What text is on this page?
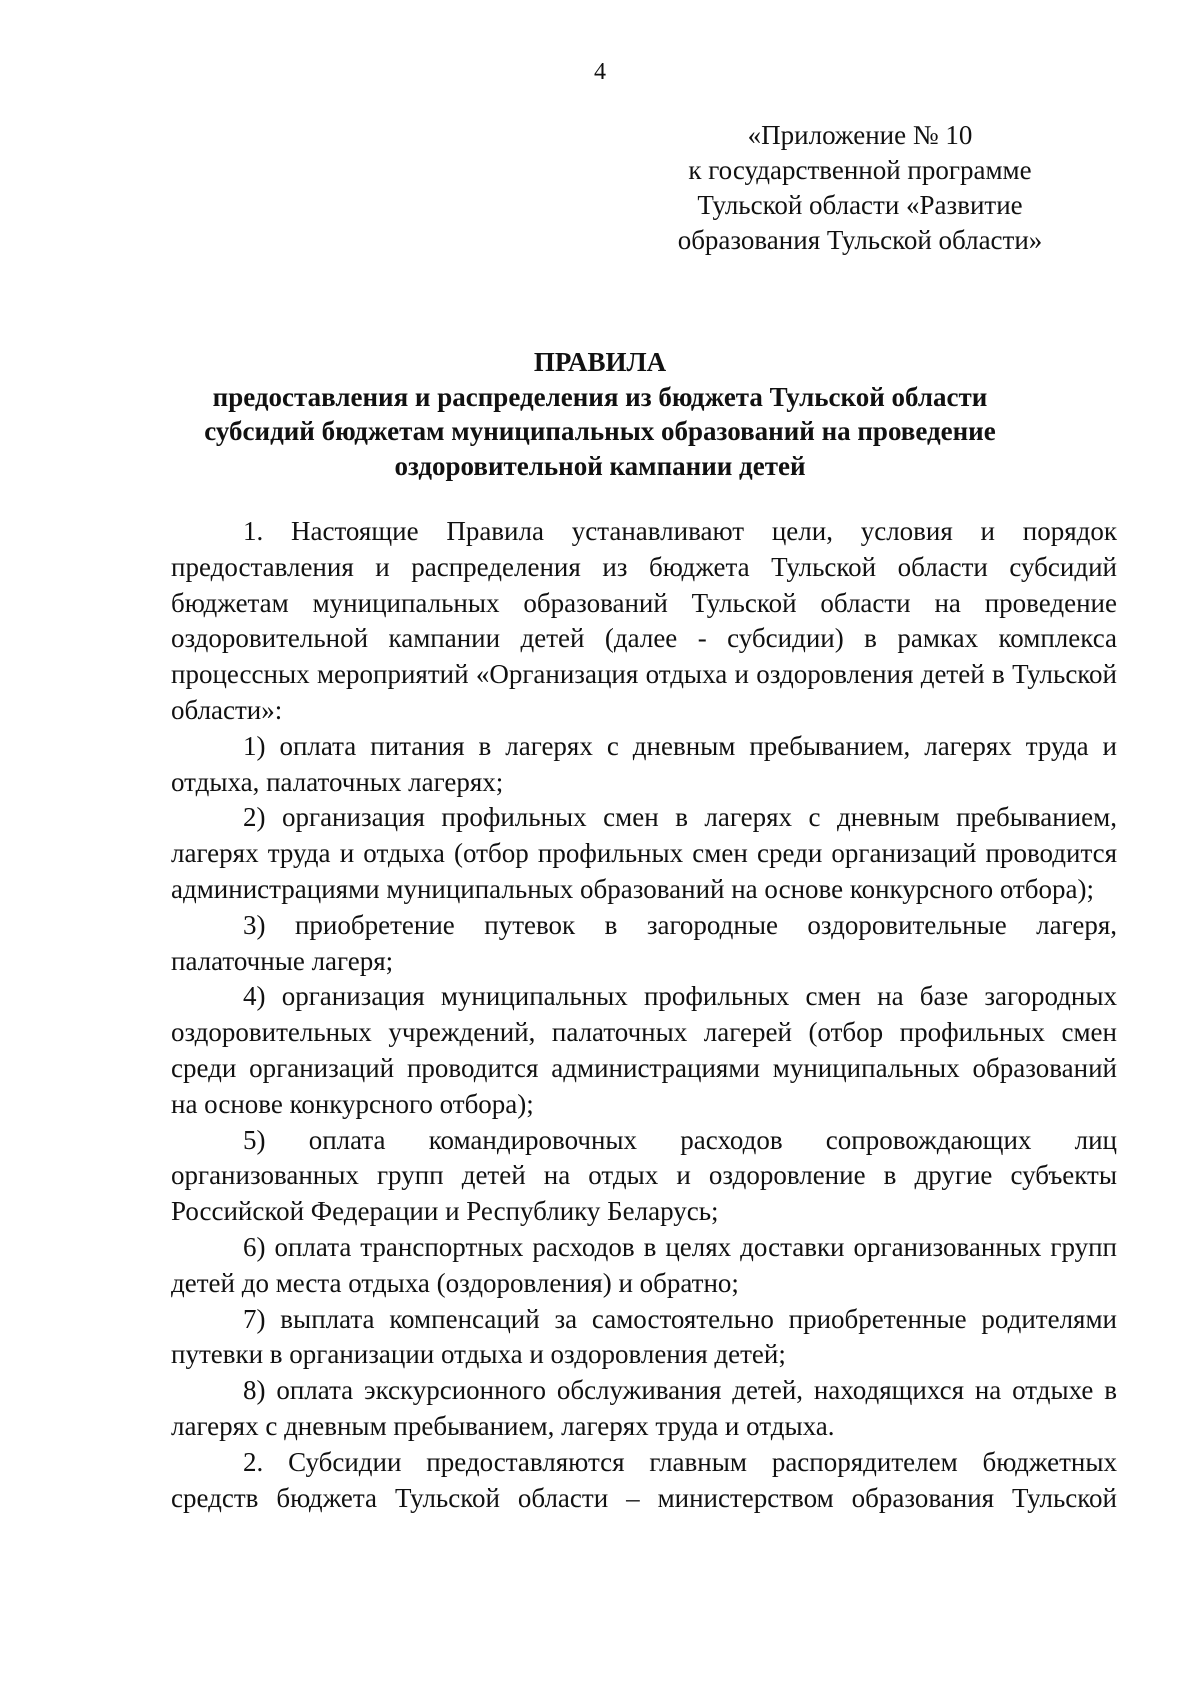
4
«Приложение № 10
к государственной программе
Тульской области «Развитие
образования Тульской области»
ПРАВИЛА
предоставления и распределения из бюджета Тульской области
субсидий бюджетам муниципальных образований на проведение
оздоровительной кампании детей

1. Настоящие Правила устанавливают цели, условия и порядок предоставления и распределения из бюджета Тульской области субсидий бюджетам муниципальных образований Тульской области на проведение оздоровительной кампании детей (далее - субсидии) в рамках комплекса процессных мероприятий «Организация отдыха и оздоровления детей в Тульской области»:

1) оплата питания в лагерях с дневным пребыванием, лагерях труда и отдыха, палаточных лагерях;

2) организация профильных смен в лагерях с дневным пребыванием, лагерях труда и отдыха (отбор профильных смен среди организаций проводится администрациями муниципальных образований на основе конкурсного отбора);

3) приобретение путевок в загородные оздоровительные лагеря, палаточные лагеря;

4) организация муниципальных профильных смен на базе загородных оздоровительных учреждений, палаточных лагерей (отбор профильных смен среди организаций проводится администрациями муниципальных образований на основе конкурсного отбора);

5) оплата командировочных расходов сопровождающих лиц организованных групп детей на отдых и оздоровление в другие субъекты Российской Федерации и Республику Беларусь;

6) оплата транспортных расходов в целях доставки организованных групп детей до места отдыха (оздоровления) и обратно;

7) выплата компенсаций за самостоятельно приобретенные родителями путевки в организации отдыха и оздоровления детей;

8) оплата экскурсионного обслуживания детей, находящихся на отдыхе в лагерях с дневным пребыванием, лагерях труда и отдыха.

2. Субсидии предоставляются главным распорядителем бюджетных средств бюджета Тульской области – министерством образования Тульской
